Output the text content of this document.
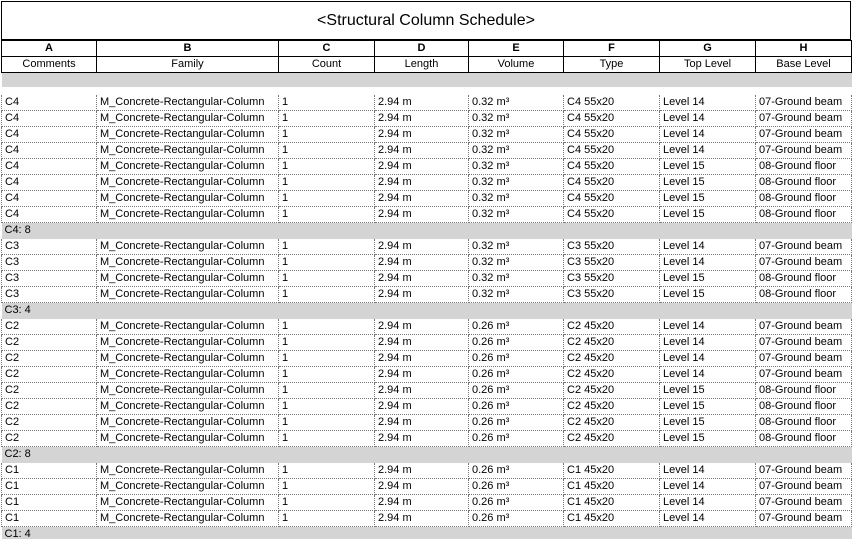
<Structural Column Schedule>
A	B	C	D	E	F	G	H
Comments	Family	Count	Length	Volume	Type	Top Level	Base Level

C4	M_Concrete-Rectangular-Column	1	2.94 m	0.32 m³	C4 55x20	Level 14	07-Ground beam
C4	M_Concrete-Rectangular-Column	1	2.94 m	0.32 m³	C4 55x20	Level 14	07-Ground beam
C4	M_Concrete-Rectangular-Column	1	2.94 m	0.32 m³	C4 55x20	Level 14	07-Ground beam
C4	M_Concrete-Rectangular-Column	1	2.94 m	0.32 m³	C4 55x20	Level 14	07-Ground beam
C4	M_Concrete-Rectangular-Column	1	2.94 m	0.32 m³	C4 55x20	Level 15	08-Ground floor
C4	M_Concrete-Rectangular-Column	1	2.94 m	0.32 m³	C4 55x20	Level 15	08-Ground floor
C4	M_Concrete-Rectangular-Column	1	2.94 m	0.32 m³	C4 55x20	Level 15	08-Ground floor
C4	M_Concrete-Rectangular-Column	1	2.94 m	0.32 m³	C4 55x20	Level 15	08-Ground floor
C4: 8							
C3	M_Concrete-Rectangular-Column	1	2.94 m	0.32 m³	C3 55x20	Level 14	07-Ground beam
C3	M_Concrete-Rectangular-Column	1	2.94 m	0.32 m³	C3 55x20	Level 14	07-Ground beam
C3	M_Concrete-Rectangular-Column	1	2.94 m	0.32 m³	C3 55x20	Level 15	08-Ground floor
C3	M_Concrete-Rectangular-Column	1	2.94 m	0.32 m³	C3 55x20	Level 15	08-Ground floor
C3: 4							
C2	M_Concrete-Rectangular-Column	1	2.94 m	0.26 m³	C2 45x20	Level 14	07-Ground beam
C2	M_Concrete-Rectangular-Column	1	2.94 m	0.26 m³	C2 45x20	Level 14	07-Ground beam
C2	M_Concrete-Rectangular-Column	1	2.94 m	0.26 m³	C2 45x20	Level 14	07-Ground beam
C2	M_Concrete-Rectangular-Column	1	2.94 m	0.26 m³	C2 45x20	Level 14	07-Ground beam
C2	M_Concrete-Rectangular-Column	1	2.94 m	0.26 m³	C2 45x20	Level 15	08-Ground floor
C2	M_Concrete-Rectangular-Column	1	2.94 m	0.26 m³	C2 45x20	Level 15	08-Ground floor
C2	M_Concrete-Rectangular-Column	1	2.94 m	0.26 m³	C2 45x20	Level 15	08-Ground floor
C2	M_Concrete-Rectangular-Column	1	2.94 m	0.26 m³	C2 45x20	Level 15	08-Ground floor
C2: 8							
C1	M_Concrete-Rectangular-Column	1	2.94 m	0.26 m³	C1 45x20	Level 14	07-Ground beam
C1	M_Concrete-Rectangular-Column	1	2.94 m	0.26 m³	C1 45x20	Level 14	07-Ground beam
C1	M_Concrete-Rectangular-Column	1	2.94 m	0.26 m³	C1 45x20	Level 14	07-Ground beam
C1	M_Concrete-Rectangular-Column	1	2.94 m	0.26 m³	C1 45x20	Level 14	07-Ground beam
C1: 4							
